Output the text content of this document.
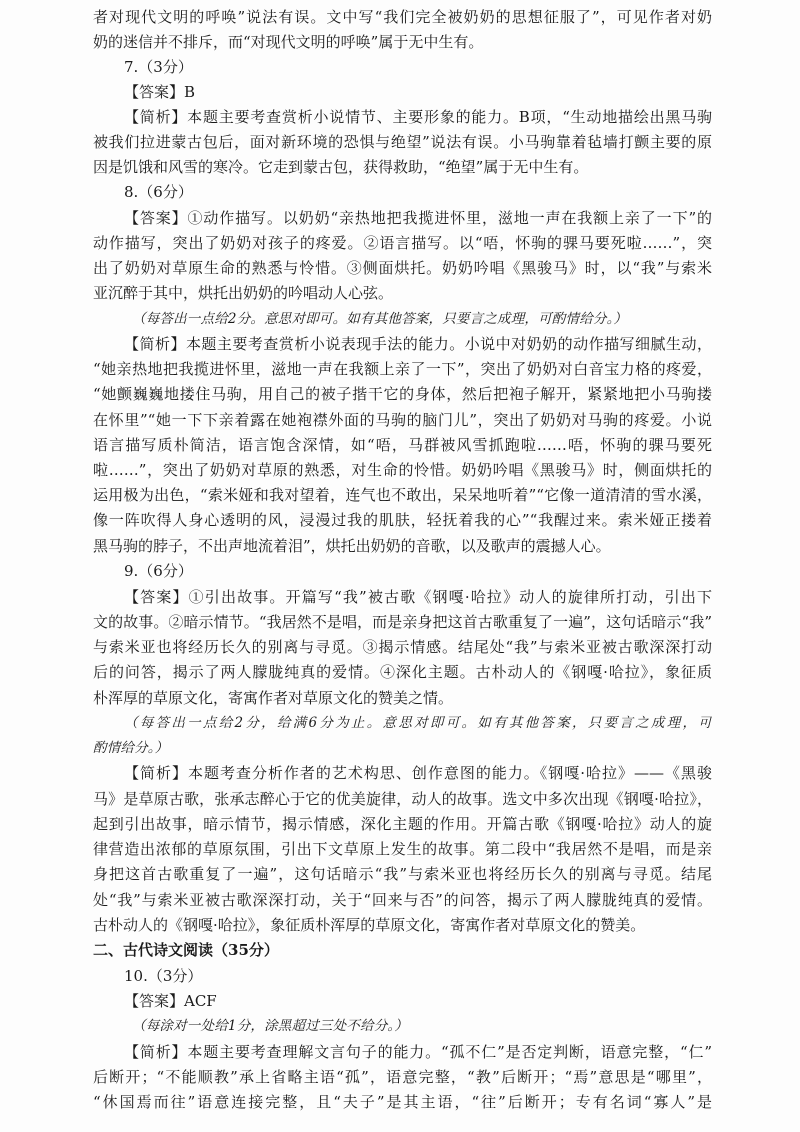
者对现代文明的呼唤”说法有误。文中写“我们完全被奶奶的思想征服了”，可见作者对奶

奶的迷信并不排斥，而“对现代文明的呼唤”属于无中生有。

7.（3分）

【答案】B

【简析】本题主要考查赏析小说情节、主要形象的能力。B项，“生动地描绘出黑马驹

被我们拉进蒙古包后，面对新环境的恐惧与绝望”说法有误。小马驹靠着毡墙打颤主要的原

因是饥饿和风雪的寒冷。它走到蒙古包，获得救助，“绝望”属于无中生有。

8.（6分）

【答案】①动作描写。以奶奶“亲热地把我揽进怀里，滋地一声在我额上亲了一下”的

动作描写，突出了奶奶对孩子的疼爱。②语言描写。以“唔，怀驹的骒马要死啦……”，突

出了奶奶对草原生命的熟悉与怜惜。③侧面烘托。奶奶吟唱《黑骏马》时，以“我”与索米

亚沉醉于其中，烘托出奶奶的吟唱动人心弦。

（每答出一点给2分。意思对即可。如有其他答案，只要言之成理，可酌情给分。）

【简析】本题主要考查赏析小说表现手法的能力。小说中对奶奶的动作描写细腻生动，

“她亲热地把我揽进怀里，滋地一声在我额上亲了一下”，突出了奶奶对白音宝力格的疼爱，

“她颤巍巍地搂住马驹，用自己的被子揩干它的身体，然后把袍子解开，紧紧地把小马驹搂

在怀里”“她一下下亲着露在她袍襟外面的马驹的脑门儿”，突出了奶奶对马驹的疼爱。小说

语言描写质朴简洁，语言饱含深情，如“唔，马群被风雪抓跑啦……唔，怀驹的骒马要死

啦……”，突出了奶奶对草原的熟悉，对生命的怜惜。奶奶吟唱《黑骏马》时，侧面烘托的

运用极为出色，“索米娅和我对望着，连气也不敢出，呆呆地听着”“它像一道清清的雪水溪，

像一阵吹得人身心透明的风，浸漫过我的肌肤，轻抚着我的心”“我醒过来。索米娅正搂着

黑马驹的脖子，不出声地流着泪”，烘托出奶奶的音歌，以及歌声的震撼人心。

9.（6分）

【答案】①引出故事。开篇写“我”被古歌《钢嘎·哈拉》动人的旋律所打动，引出下

文的故事。②暗示情节。“我居然不是唱，而是亲身把这首古歌重复了一遍”，这句话暗示“我”

与索米亚也将经历长久的别离与寻觅。③揭示情感。结尾处“我”与索米亚被古歌深深打动

后的问答，揭示了两人朦胧纯真的爱情。④深化主题。古朴动人的《钢嘎·哈拉》，象征质

朴浑厚的草原文化，寄寓作者对草原文化的赞美之情。

（每答出一点给2分，给满6分为止。意思对即可。如有其他答案，只要言之成理，可

酌情给分。）

【简析】本题考查分析作者的艺术构思、创作意图的能力。《钢嘎·哈拉》——《黑骏

马》是草原古歌，张承志醉心于它的优美旋律，动人的故事。选文中多次出现《钢嘎·哈拉》，

起到引出故事，暗示情节，揭示情感，深化主题的作用。开篇古歌《钢嘎·哈拉》动人的旋

律营造出浓郁的草原氛围，引出下文草原上发生的故事。第二段中“我居然不是唱，而是亲

身把这首古歌重复了一遍”，这句话暗示“我”与索米亚也将经历长久的别离与寻觅。结尾

处“我”与索米亚被古歌深深打动，关于“回来与否”的问答，揭示了两人朦胧纯真的爱情。

古朴动人的《钢嘎·哈拉》，象征质朴浑厚的草原文化，寄寓作者对草原文化的赞美。

二、古代诗文阅读（35分）

10.（3分）

【答案】ACF

（每涂对一处给1分，涂黑超过三处不给分。）

【简析】本题主要考查理解文言句子的能力。“孤不仁”是否定判断，语意完整，“仁”

后断开；“不能顺教”承上省略主语“孤”，语意完整，“教”后断开；“焉”意思是“哪里”，

“休国焉而往”语意连接完整，且“夫子”是其主语，“往”后断开；专有名词“寡人”是
